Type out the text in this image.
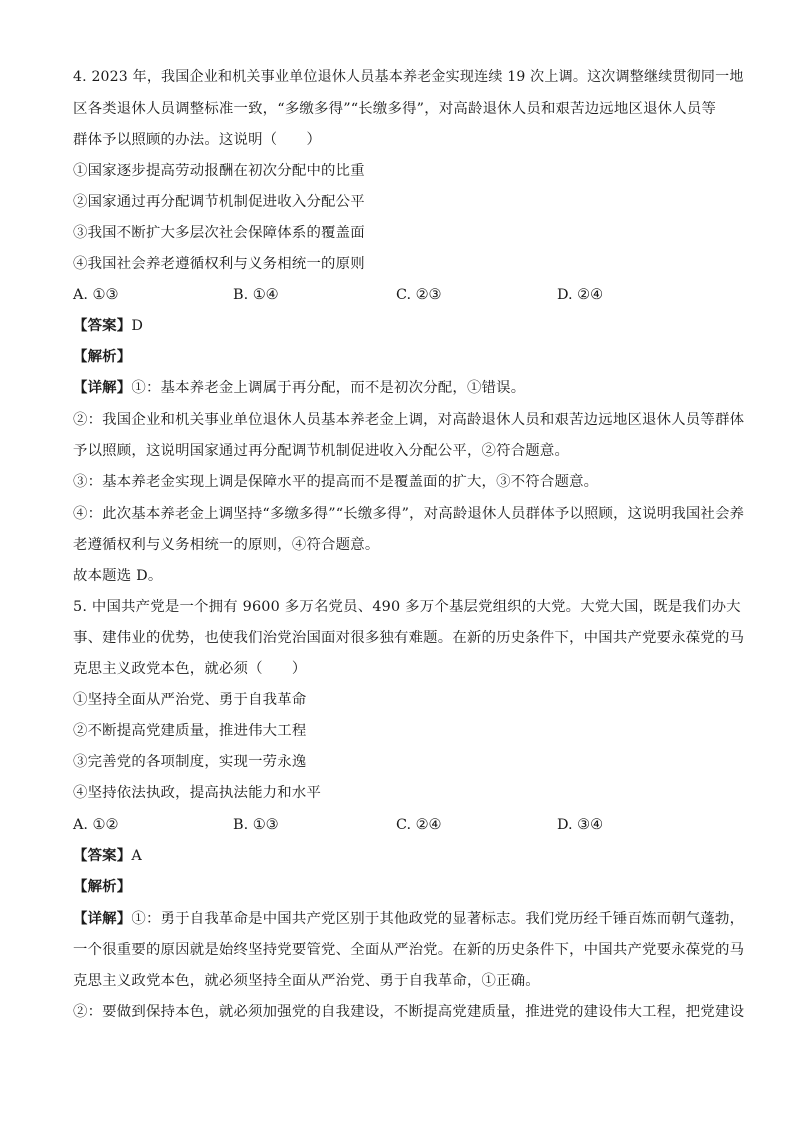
4. 2023 年，我国企业和机关事业单位退休人员基本养老金实现连续 19 次上调。这次调整继续贯彻同一地
区各类退休人员调整标准一致，“多缴多得”“长缴多得”，对高龄退休人员和艰苦边远地区退休人员等
群体予以照顾的办法。这说明（　　）
①国家逐步提高劳动报酬在初次分配中的比重
②国家通过再分配调节机制促进收入分配公平
③我国不断扩大多层次社会保障体系的覆盖面
④我国社会养老遵循权利与义务相统一的原则
A. ①③	B. ①④	C. ②③	D. ②④
【答案】D
【解析】
【详解】①：基本养老金上调属于再分配，而不是初次分配，①错误。
②：我国企业和机关事业单位退休人员基本养老金上调，对高龄退休人员和艰苦边远地区退休人员等群体
予以照顾，这说明国家通过再分配调节机制促进收入分配公平，②符合题意。
③：基本养老金实现上调是保障水平的提高而不是覆盖面的扩大，③不符合题意。
④：此次基本养老金上调坚持“多缴多得”“长缴多得”，对高龄退休人员群体予以照顾，这说明我国社会养
老遵循权利与义务相统一的原则，④符合题意。
故本题选 D。
5. 中国共产党是一个拥有 9600 多万名党员、490 多万个基层党组织的大党。大党大国，既是我们办大
事、建伟业的优势，也使我们治党治国面对很多独有难题。在新的历史条件下，中国共产党要永葆党的马
克思主义政党本色，就必须（　　）
①坚持全面从严治党、勇于自我革命
②不断提高党建质量，推进伟大工程
③完善党的各项制度，实现一劳永逸
④坚持依法执政，提高执法能力和水平
A. ①②	B. ①③	C. ②④	D. ③④
【答案】A
【解析】
【详解】①：勇于自我革命是中国共产党区别于其他政党的显著标志。我们党历经千锤百炼而朝气蓬勃，
一个很重要的原因就是始终坚持党要管党、全面从严治党。在新的历史条件下，中国共产党要永葆党的马
克思主义政党本色，就必须坚持全面从严治党、勇于自我革命，①正确。
②：要做到保持本色，就必须加强党的自我建设，不断提高党建质量，推进党的建设伟大工程，把党建设
